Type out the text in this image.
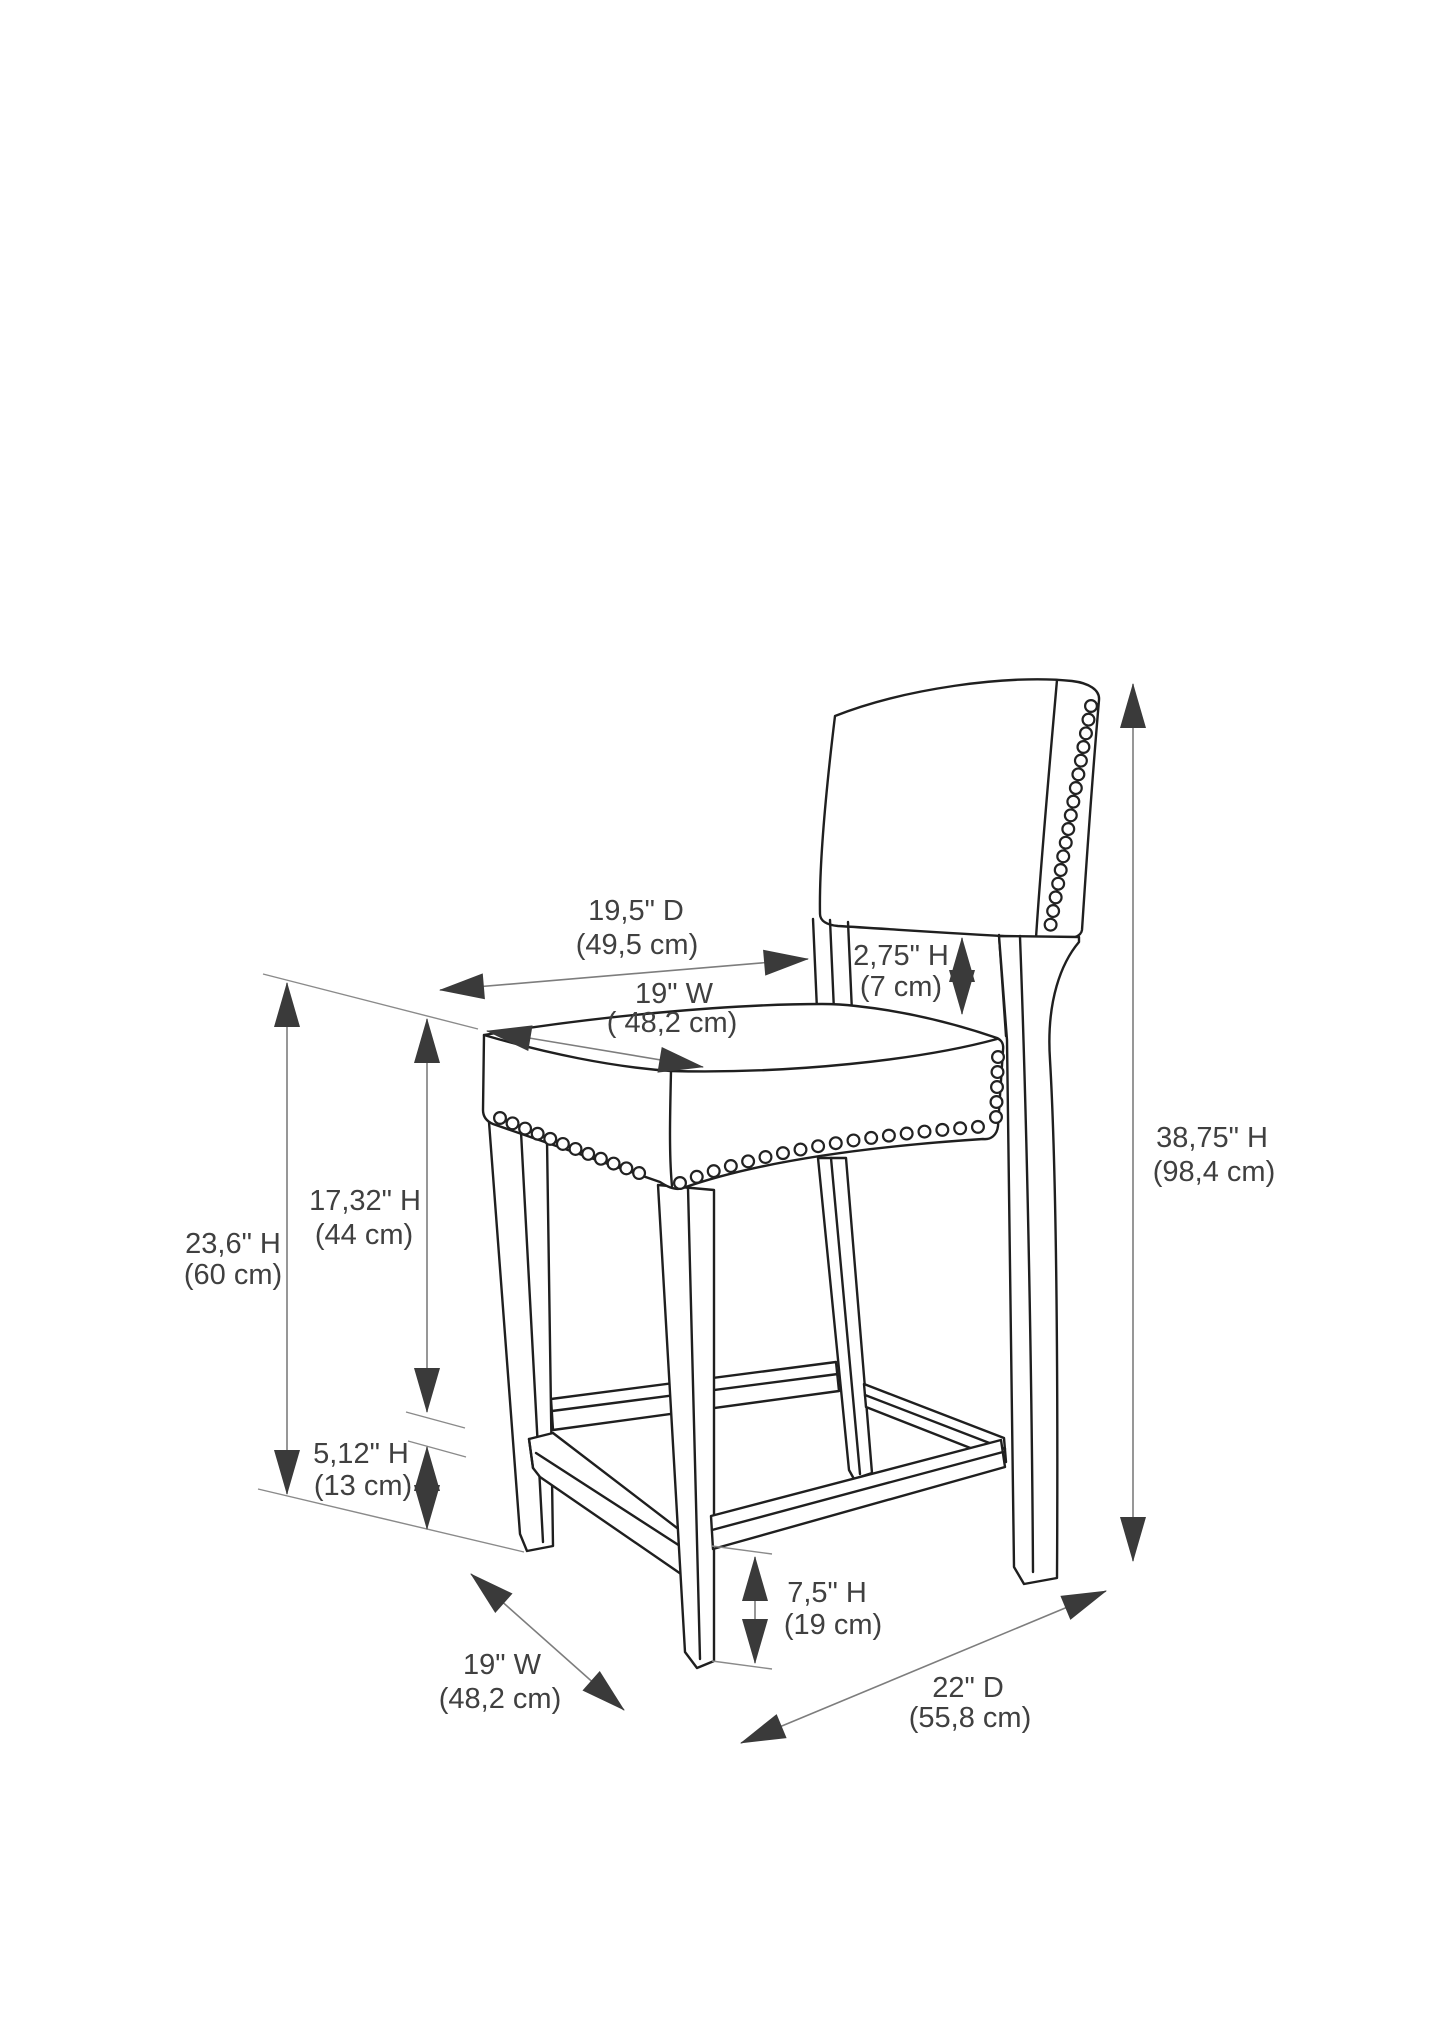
19,5" D
(49,5 cm)
19" W
( 48,2 cm)
2,75" H
(7 cm)
38,75" H
(98,4 cm)
23,6" H
(60 cm)
17,32" H
(44 cm)
5,12" H
(13 cm)
7,5" H
(19 cm)
19" W
(48,2 cm)	22" D
(55,8 cm)
